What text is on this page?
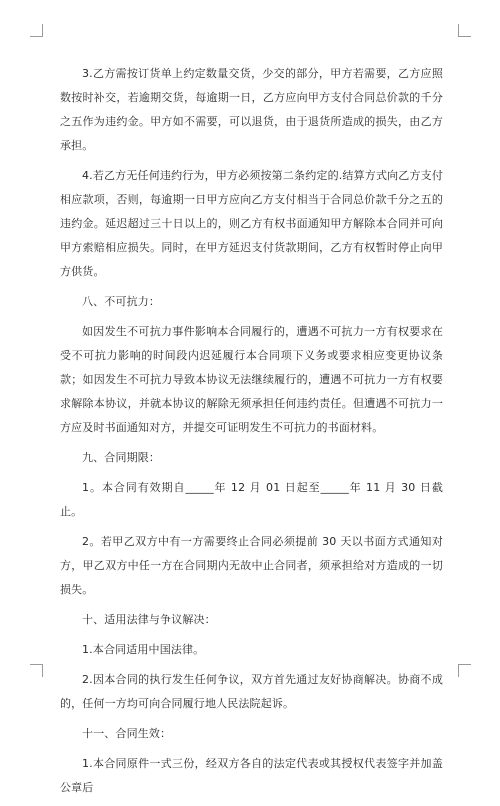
3.乙方需按订货单上约定数量交货，少交的部分，甲方若需要，乙方应照数按时补交，若逾期交货，每逾期一日，乙方应向甲方支付合同总价款的千分之五作为违约金。甲方如不需要，可以退货，由于退货所造成的损失，由乙方承担。

4.若乙方无任何违约行为，甲方必须按第二条约定的.结算方式向乙方支付相应款项，否则，每逾期一日甲方应向乙方支付相当于合同总价款千分之五的违约金。延迟超过三十日以上的，则乙方有权书面通知甲方解除本合同并可向甲方索赔相应损失。同时，在甲方延迟支付货款期间，乙方有权暂时停止向甲方供货。

八、不可抗力：

如因发生不可抗力事件影响本合同履行的，遭遇不可抗力一方有权要求在受不可抗力影响的时间段内迟延履行本合同项下义务或要求相应变更协议条款；如因发生不可抗力导致本协议无法继续履行的，遭遇不可抗力一方有权要求解除本协议，并就本协议的解除无须承担任何违约责任。但遭遇不可抗力一方应及时书面通知对方，并提交可证明发生不可抗力的书面材料。

九、合同期限：

1。本合同有效期自_____年 12 月 01 日起至_____年 11 月 30 日截止。

2。若甲乙双方中有一方需要终止合同必须提前 30 天以书面方式通知对方，甲乙双方中任一方在合同期内无故中止合同者，须承担给对方造成的一切损失。

十、适用法律与争议解决：

1.本合同适用中国法律。

2.因本合同的执行发生任何争议，双方首先通过友好协商解决。协商不成的，任何一方均可向合同履行地人民法院起诉。

十一、合同生效：

1.本合同原件一式三份，经双方各自的法定代表或其授权代表签字并加盖公章后
